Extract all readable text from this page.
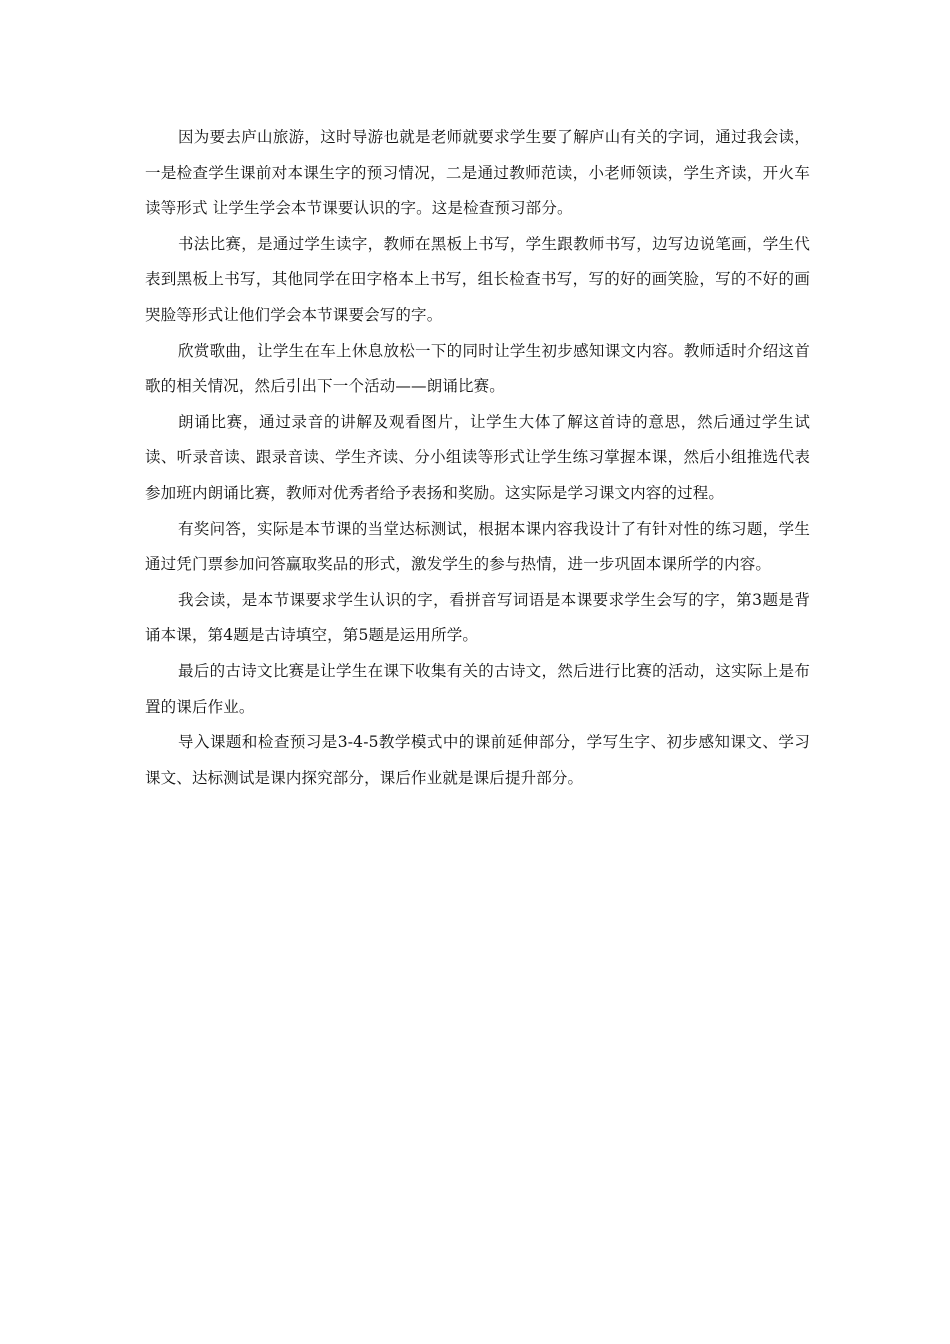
因为要去庐山旅游，这时导游也就是老师就要求学生要了解庐山有关的字词，通过我会读，一是检查学生课前对本课生字的预习情况，二是通过教师范读，小老师领读，学生齐读，开火车读等形式 让学生学会本节课要认识的字。这是检查预习部分。

书法比赛，是通过学生读字，教师在黑板上书写，学生跟教师书写，边写边说笔画，学生代表到黑板上书写，其他同学在田字格本上书写，组长检查书写，写的好的画笑脸，写的不好的画哭脸等形式让他们学会本节课要会写的字。

欣赏歌曲，让学生在车上休息放松一下的同时让学生初步感知课文内容。教师适时介绍这首歌的相关情况，然后引出下一个活动——朗诵比赛。

朗诵比赛，通过录音的讲解及观看图片，让学生大体了解这首诗的意思，然后通过学生试读、听录音读、跟录音读、学生齐读、分小组读等形式让学生练习掌握本课，然后小组推选代表参加班内朗诵比赛，教师对优秀者给予表扬和奖励。这实际是学习课文内容的过程。

有奖问答，实际是本节课的当堂达标测试，根据本课内容我设计了有针对性的练习题，学生通过凭门票参加问答赢取奖品的形式，激发学生的参与热情，进一步巩固本课所学的内容。

我会读，是本节课要求学生认识的字，看拼音写词语是本课要求学生会写的字，第3题是背诵本课，第4题是古诗填空，第5题是运用所学。

最后的古诗文比赛是让学生在课下收集有关的古诗文，然后进行比赛的活动，这实际上是布置的课后作业。

导入课题和检查预习是3-4-5教学模式中的课前延伸部分，学写生字、初步感知课文、学习课文、达标测试是课内探究部分，课后作业就是课后提升部分。
